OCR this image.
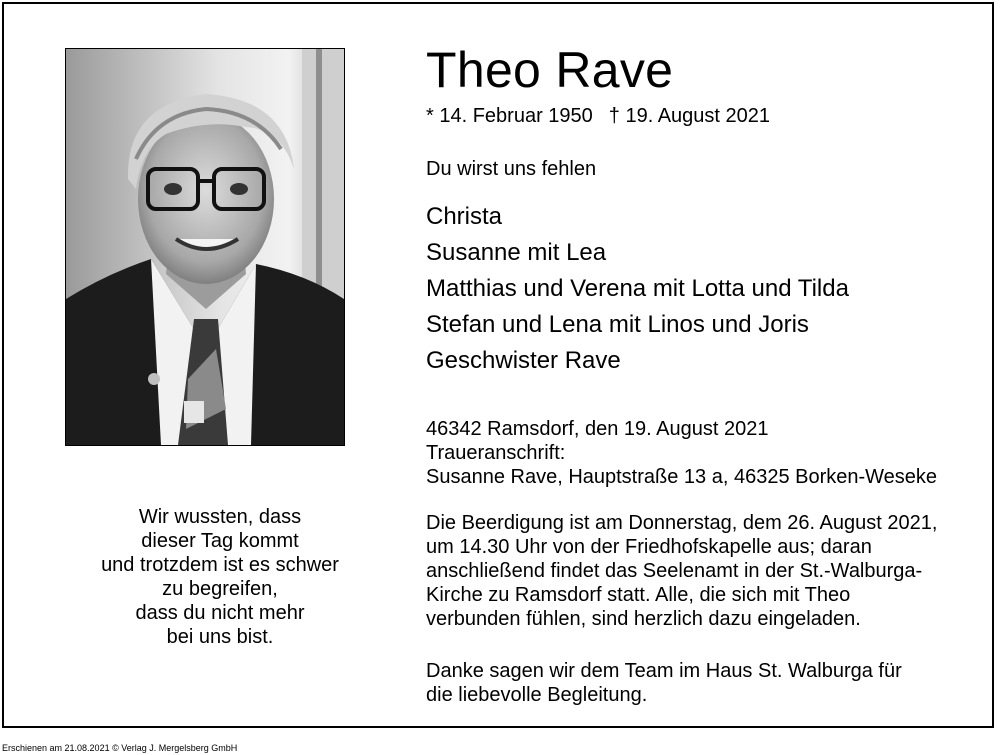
Theo Rave
* 14. Februar 1950 † 19. August 2021
Du wirst uns fehlen
Christa
Susanne mit Lea
Matthias und Verena mit Lotta und Tilda
Stefan und Lena mit Linos und Joris
Geschwister Rave
46342 Ramsdorf, den 19. August 2021
Traueranschrift:
Susanne Rave, Hauptstraße 13 a, 46325 Borken-Weseke
Die Beerdigung ist am Donnerstag, dem 26. August 2021,
um 14.30 Uhr von der Friedhofskapelle aus; daran
anschließend findet das Seelenamt in der St.-Walburga-
Kirche zu Ramsdorf statt. Alle, die sich mit Theo
verbunden fühlen, sind herzlich dazu eingeladen.
Danke sagen wir dem Team im Haus St. Walburga für
die liebevolle Begleitung.
Wir wussten, dass
dieser Tag kommt
und trotzdem ist es schwer
zu begreifen,
dass du nicht mehr
bei uns bist.
Erschienen am 21.08.2021 © Verlag J. Mergelsberg GmbH
